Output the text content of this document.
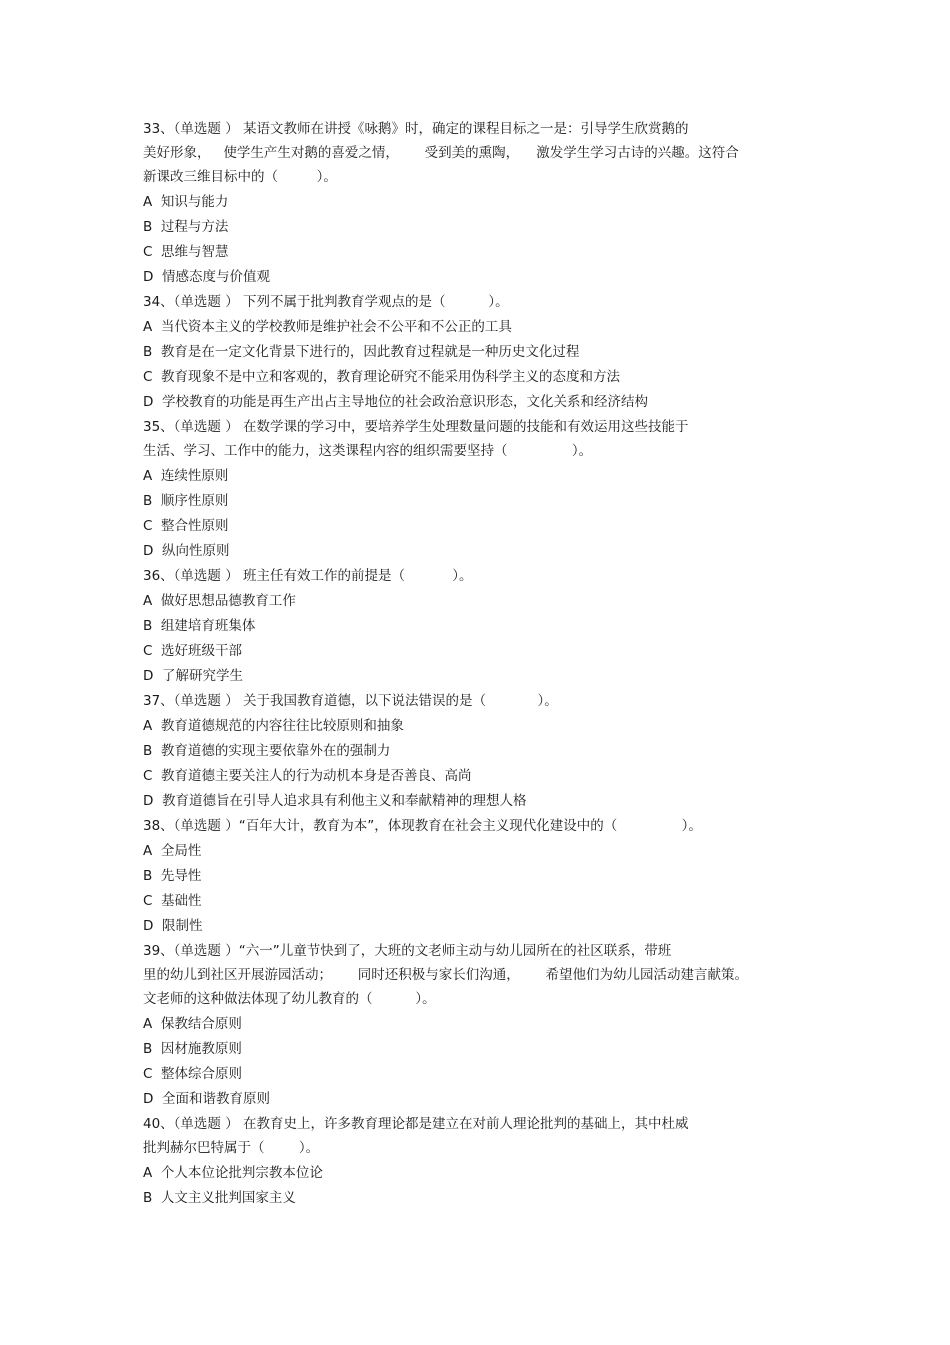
33、（单选题 ） 某语文教师在讲授《咏鹅》时，确定的课程目标之一是：引导学生欣赏鹅的
美好形象，   使学生产生对鹅的喜爱之情，      受到美的熏陶，    激发学生学习古诗的兴趣。这符合
新课改三维目标中的（         ）。
A  知识与能力
B  过程与方法
C  思维与智慧
D  情感态度与价值观
34、（单选题 ） 下列不属于批判教育学观点的是（          ）。
A  当代资本主义的学校教师是维护社会不公平和不公正的工具
B  教育是在一定文化背景下进行的，因此教育过程就是一种历史文化过程
C  教育现象不是中立和客观的，教育理论研究不能采用伪科学主义的态度和方法
D  学校教育的功能是再生产出占主导地位的社会政治意识形态，文化关系和经济结构
35、（单选题 ） 在数学课的学习中，要培养学生处理数量问题的技能和有效运用这些技能于
生活、学习、工作中的能力，这类课程内容的组织需要坚持（               ）。
A  连续性原则
B  顺序性原则
C  整合性原则
D  纵向性原则
36、（单选题 ） 班主任有效工作的前提是（           ）。
A  做好思想品德教育工作
B  组建培育班集体
C  选好班级干部
D  了解研究学生
37、（单选题 ） 关于我国教育道德，以下说法错误的是（            ）。
A  教育道德规范的内容往往比较原则和抽象
B  教育道德的实现主要依靠外在的强制力
C  教育道德主要关注人的行为动机本身是否善良、高尚
D  教育道德旨在引导人追求具有利他主义和奉献精神的理想人格
38、（单选题 ）“百年大计，教育为本”，体现教育在社会主义现代化建设中的（               ）。
A  全局性
B  先导性
C  基础性
D  限制性
39、（单选题 ）“六一”儿童节快到了，大班的文老师主动与幼儿园所在的社区联系，带班
里的幼儿到社区开展游园活动；      同时还积极与家长们沟通，      希望他们为幼儿园活动建言献策。
文老师的这种做法体现了幼儿教育的（          ）。
A  保教结合原则
B  因材施教原则
C  整体综合原则
D  全面和谐教育原则
40、（单选题 ） 在教育史上，许多教育理论都是建立在对前人理论批判的基础上，其中杜威
批判赫尔巴特属于（        ）。
A  个人本位论批判宗教本位论
B  人文主义批判国家主义
